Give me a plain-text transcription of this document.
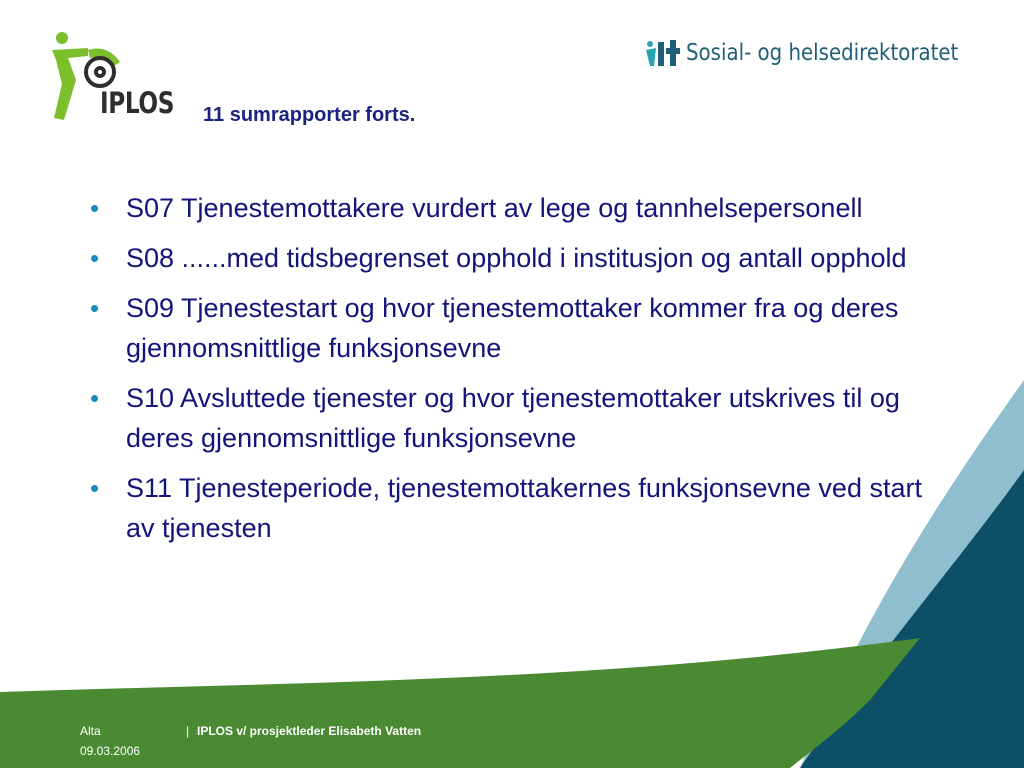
IPLOS
Sosial- og helsedirektoratet
11 sumrapporter forts.
• S07 Tjenestemottakere vurdert av lege og tannhelsepersonell
• S08 ......med tidsbegrenset opphold i institusjon og antall opphold
• S09 Tjenestestart og hvor tjenestemottaker kommer fra og deres gjennomsnittlige funksjonsevne
• S10 Avsluttede tjenester og hvor tjenestemottaker utskrives til og deres gjennomsnittlige funksjonsevne
• S11 Tjenesteperiode, tjenestemottakernes funksjonsevne ved start av tjenesten
Alta
09.03.2006
| IPLOS v/ prosjektleder Elisabeth Vatten
